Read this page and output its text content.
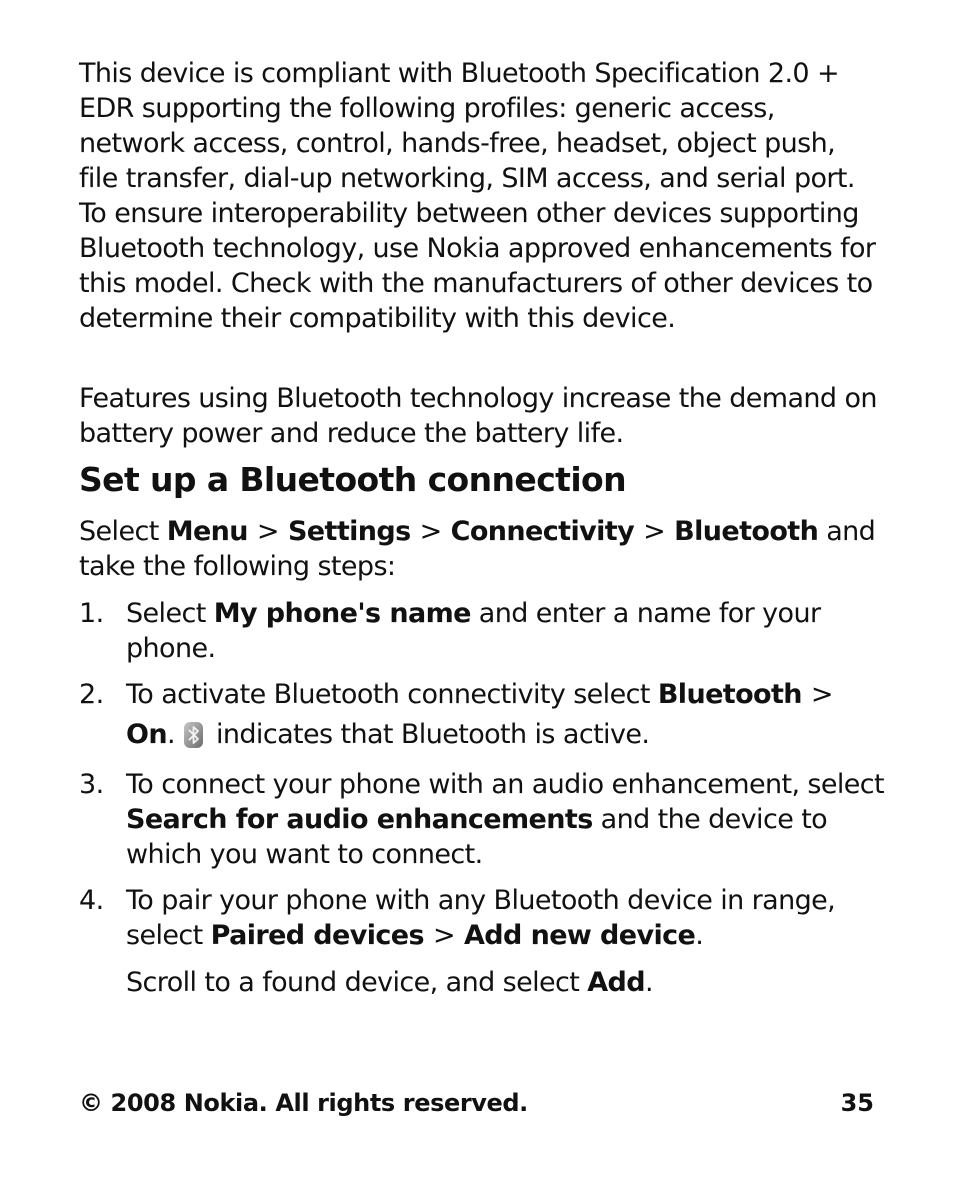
This device is compliant with Bluetooth Specification 2.0 + EDR supporting the following profiles: generic access, network access, control, hands-free, headset, object push, file transfer, dial-up networking, SIM access, and serial port. To ensure interoperability between other devices supporting Bluetooth technology, use Nokia approved enhancements for this model. Check with the manufacturers of other devices to determine their compatibility with this device.

Features using Bluetooth technology increase the demand on battery power and reduce the battery life.

Set up a Bluetooth connection

Select Menu > Settings > Connectivity > Bluetooth and take the following steps:

1. Select My phone's name and enter a name for your phone.
2. To activate Bluetooth connectivity select Bluetooth >
On. indicates that Bluetooth is active.
3. To connect your phone with an audio enhancement, select Search for audio enhancements and the device to which you want to connect.
4. To pair your phone with any Bluetooth device in range, select Paired devices > Add new device.
Scroll to a found device, and select Add.
© 2008 Nokia. All rights reserved.	35
